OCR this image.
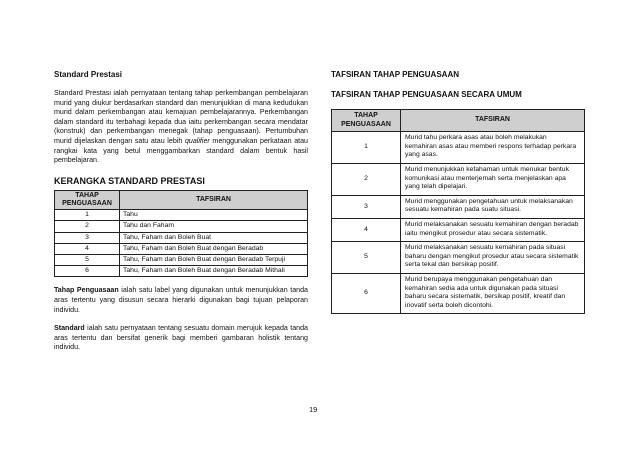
Standard Prestasi

Standard Prestasi ialah pernyataan tentang tahap perkembangan pembelajaran murid yang diukur berdasarkan standard dan menunjukkan di mana kedudukan murid dalam perkembangan atau kemajuan pembelajarannya. Perkembangan dalam standard itu terbahagi kepada dua iaitu perkembangan secara mendatar (konstruk) dan perkembangan menegak (tahap penguasaan). Pertumbuhan murid dijelaskan dengan satu atau lebih qualifier menggunakan perkataan atau rangkai kata yang betul menggambarkan standard dalam bentuk hasil pembelajaran.

KERANGKA STANDARD PRESTASI
TAHAP PENGUASAAN	TAFSIRAN
1	Tahu
2	Tahu dan Faham
3	Tahu, Faham dan Boleh Buat
4	Tahu, Faham dan Boleh Buat dengan Beradab
5	Tahu, Faham dan Boleh Buat dengan Beradab Terpuji
6	Tahu, Faham dan Boleh Buat dengan Beradab Mithali

Tahap Penguasaan ialah satu label yang digunakan untuk menunjukkan tanda aras tertentu yang disusun secara hierarki digunakan bagi tujuan pelaporan individu.

Standard ialah satu pernyataan tentang sesuatu domain merujuk kepada tanda aras tertentu dan bersifat generik bagi memberi gambaran holistik tentang individu.

TAFSIRAN TAHAP PENGUASAAN
TAFSIRAN TAHAP PENGUASAAN SECARA UMUM
TAHAP PENGUASAAN	TAFSIRAN
1	Murid tahu perkara asas atau boleh melakukan kemahiran asas atau memberi respons terhadap perkara yang asas.
2	Murid menunjukkan kefahaman untuk menukar bentuk komunikasi atau menterjemah serta menjelaskan apa yang telah dipelajari.
3	Murid menggunakan pengetahuan untuk melaksanakan sesuatu kemahiran pada suatu situasi.
4	Murid melaksanakan sesuatu kemahiran dengan beradab iaitu mengikut prosedur atau secara sistematik.
5	Murid melaksanakan sesuatu kemahiran pada situasi baharu dengan mengikut prosedur atau secara sistematik serta tekal dan bersikap positif.
6	Murid berupaya menggunakan pengetahuan dan kemahiran sedia ada untuk digunakan pada situasi baharu secara sistematik, bersikap positif, kreatif dan inovatif serta boleh dicontohi.
19
